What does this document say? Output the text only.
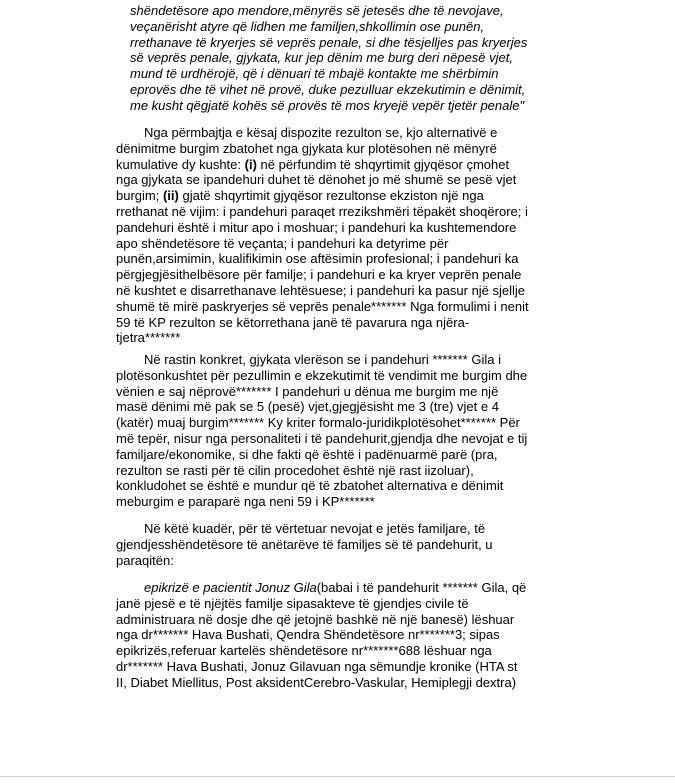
shëndetësore apo mendore,mënyrës së jetesës dhe të nevojave,
veçanërisht atyre që lidhen me familjen,shkollimin ose punën,
rrethanave të kryerjes së veprës penale, si dhe tësjelljes pas kryerjes
së veprës penale, gjykata, kur jep dënim me burg deri nëpesë vjet,
mund të urdhërojë, që i dënuari të mbajë kontakte me shërbimin
eprovës dhe të vihet në provë, duke pezulluar ekzekutimin e dënimit,
me kusht qëgjatë kohës së provës të mos kryejë vepër tjetër penale"
Nga përmbajtja e kësaj dispozite rezulton se, kjo alternativë e
dënimitme burgim zbatohet nga gjykata kur plotësohen në mënyrë
kumulative dy kushte: (i) në përfundim të shqyrtimit gjyqësor çmohet
nga gjykata se ipandehuri duhet të dënohet jo më shumë se pesë vjet
burgim; (ii) gjatë shqyrtimit gjyqësor rezultonse ekziston një nga
rrethanat në vijim: i pandehuri paraqet rrezikshmëri tëpakët shoqërore; i
pandehuri është i mitur apo i moshuar; i pandehuri ka kushtemendore
apo shëndetësore të veçanta; i pandehuri ka detyrime për
punën,arsimimin, kualifikimin ose aftësimin profesional; i pandehuri ka
përgjegjësithelbësore për familje; i pandehuri e ka kryer veprën penale
në kushtet e disarrethanave lehtësuese; i pandehuri ka pasur një sjellje
shumë të mirë paskryerjes së veprës penale******* Nga formulimi i nenit
59 të KP rezulton se këtorrethana janë të pavarura nga njëra-
tjetra*******
Në rastin konkret, gjykata vlerëson se i pandehuri ******* Gila i
plotësonkushtet për pezullimin e ekzekutimit të vendimit me burgim dhe
vënien e saj nëprovë******* I pandehuri u dënua me burgim me një
masë dënimi më pak se 5 (pesë) vjet,gjegjësisht me 3 (tre) vjet e 4
(katër) muaj burgim******* Ky kriter formalo-juridikplotësohet******* Për
më tepër, nisur nga personaliteti i të pandehurit,gjendja dhe nevojat e tij
familjare/ekonomike, si dhe fakti që është i padënuarmë parë (pra,
rezulton se rasti për të cilin procedohet është një rast iizoluar),
konkludohet se është e mundur që të zbatohet alternativa e dënimit
meburgim e paraparë nga neni 59 i KP*******
Në këtë kuadër, për të vërtetuar nevojat e jetës familjare, të
gjendjesshëndetësore të anëtarëve të familjes së të pandehurit, u
paraqitën:
epikrizë e pacientit Jonuz Gila(babai i të pandehurit ******* Gila, që
janë pjesë e të njëjtës familje sipasakteve të gjendjes civile të
administruara në dosje dhe që jetojnë bashkë në një banesë) lëshuar
nga dr******* Hava Bushati, Qendra Shëndetësore nr*******3; sipas
epikrizës,referuar kartelës shëndetësore nr*******688 lëshuar nga
dr******* Hava Bushati, Jonuz Gilavuan nga sëmundje kronike (HTA st
II, Diabet Miellitus, Post aksidentCerebro-Vaskular, Hemiplegji dextra)
